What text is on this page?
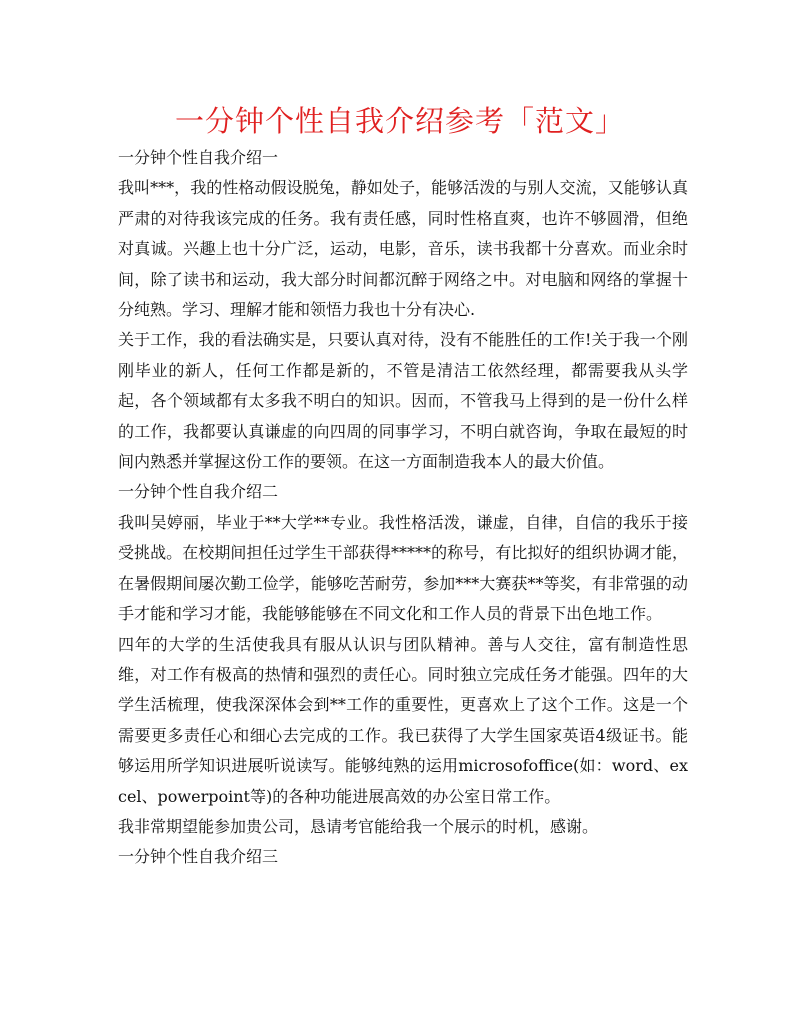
一分钟个性自我介绍参考「范文」

一分钟个性自我介绍一

我叫***，我的性格动假设脱兔，静如处子，能够活泼的与别人交流，又能够认真严肃的对待我该完成的任务。我有责任感，同时性格直爽，也许不够圆滑，但绝对真诚。兴趣上也十分广泛，运动，电影，音乐，读书我都十分喜欢。而业余时间，除了读书和运动，我大部分时间都沉醉于网络之中。对电脑和网络的掌握十分纯熟。学习、理解才能和领悟力我也十分有决心.

关于工作，我的看法确实是，只要认真对待，没有不能胜任的工作!关于我一个刚刚毕业的新人，任何工作都是新的，不管是清洁工依然经理，都需要我从头学起，各个领域都有太多我不明白的知识。因而，不管我马上得到的是一份什么样的工作，我都要认真谦虚的向四周的同事学习，不明白就咨询，争取在最短的时间内熟悉并掌握这份工作的要领。在这一方面制造我本人的最大价值。

一分钟个性自我介绍二

我叫吴婷丽，毕业于**大学**专业。我性格活泼，谦虚，自律，自信的我乐于接受挑战。在校期间担任过学生干部获得*****的称号，有比拟好的组织协调才能，在暑假期间屡次勤工俭学，能够吃苦耐劳，参加***大赛获**等奖，有非常强的动手才能和学习才能，我能够能够在不同文化和工作人员的背景下出色地工作。

四年的大学的生活使我具有服从认识与团队精神。善与人交往，富有制造性思维，对工作有极高的热情和强烈的责任心。同时独立完成任务才能强。四年的大学生活梳理，使我深深体会到**工作的重要性，更喜欢上了这个工作。这是一个需要更多责任心和细心去完成的工作。我已获得了大学生国家英语4级证书。能够运用所学知识进展听说读写。能够纯熟的运用microsofoffice(如：word、excel、powerpoint等)的各种功能进展高效的办公室日常工作。

我非常期望能参加贵公司，恳请考官能给我一个展示的时机，感谢。

一分钟个性自我介绍三
